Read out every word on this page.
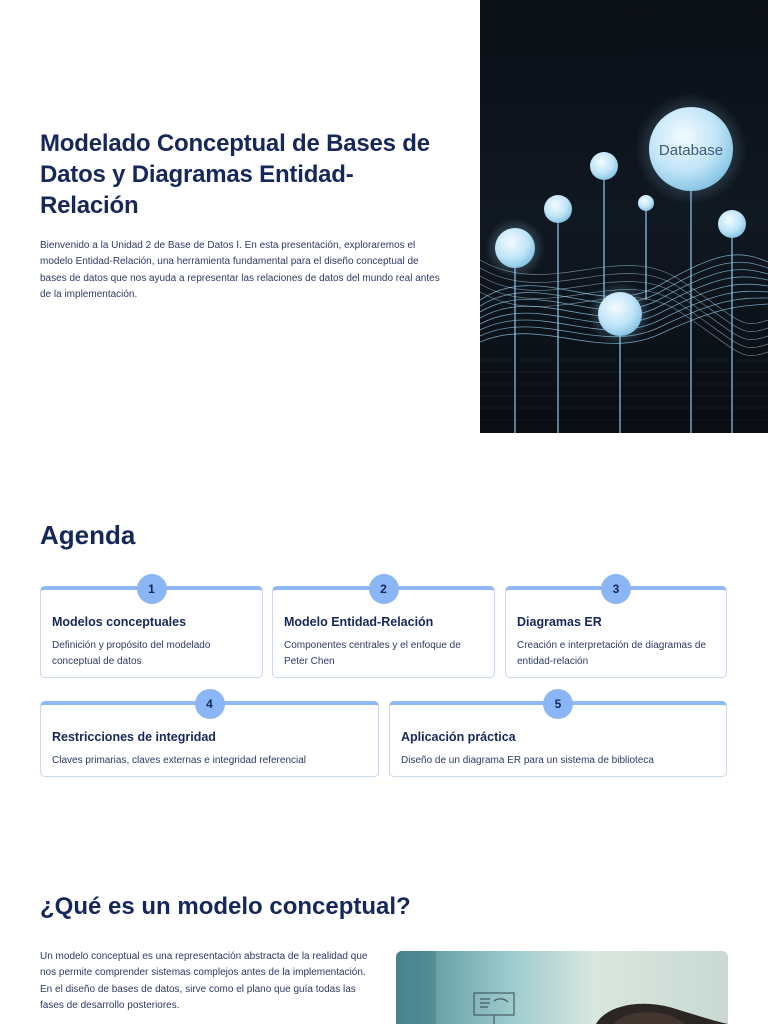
Modelado Conceptual de Bases de Datos y Diagramas Entidad-Relación

Bienvenido a la Unidad 2 de Base de Datos I. En esta presentación, exploraremos el modelo Entidad-Relación, una herramienta fundamental para el diseño conceptual de bases de datos que nos ayuda a representar las relaciones de datos del mundo real antes de la implementación.

Database
Agenda
1
Modelos conceptuales

Definición y propósito del modelado conceptual de datos

2
Modelo Entidad-Relación

Componentes centrales y el enfoque de Peter Chen

3
Diagramas ER

Creación e interpretación de diagramas de entidad-relación

4
Restricciones de integridad

Claves primarias, claves externas e integridad referencial

5
Aplicación práctica

Diseño de un diagrama ER para un sistema de biblioteca

¿Qué es un modelo conceptual?

Un modelo conceptual es una representación abstracta de la realidad que nos permite comprender sistemas complejos antes de la implementación. En el diseño de bases de datos, sirve como el plano que guía todas las fases de desarrollo posteriores.
